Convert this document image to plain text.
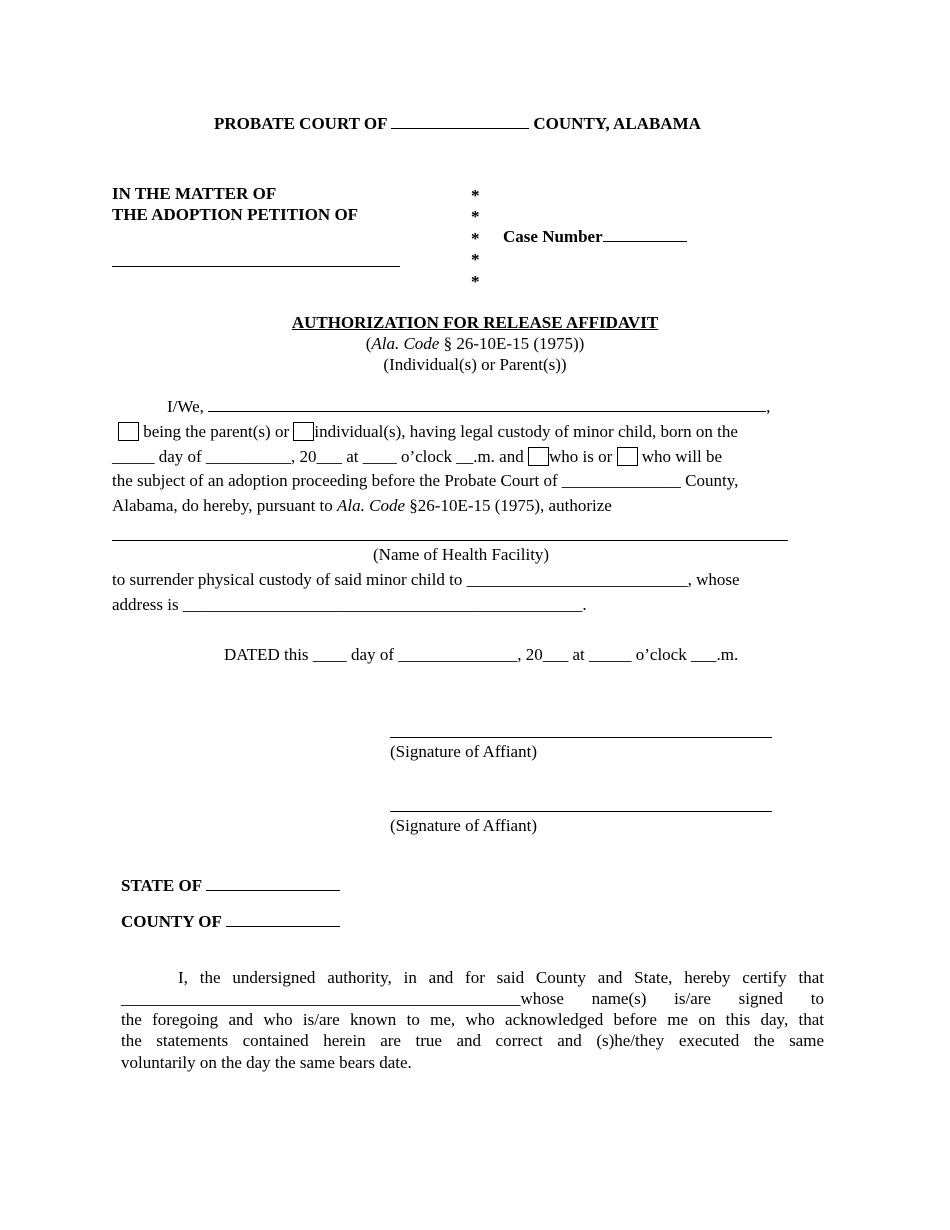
PROBATE COURT OF	COUNTY, ALABAMA
IN THE MATTER OF
THE ADOPTION PETITION OF
*
*
*
*
*
Case Number
AUTHORIZATION FOR RELEASE AFFIDAVIT
(Ala. Code § 26-10E-15 (1975))
(Individual(s) or Parent(s))
I/We,	,
being the parent(s) or individual(s), having legal custody of minor child, born on the
_____ day of __________, 20___ at ____ o’clock __.m. and who is or  who will be
the subject of an adoption proceeding before the Probate Court of ______________ County,
Alabama, do hereby, pursuant to Ala. Code §26-10E-15 (1975), authorize
(Name of Health Facility)
to surrender physical custody of said minor child to __________________________, whose
address is _______________________________________________.
DATED this ____ day of ______________, 20___ at _____ o’clock ___.m.
(Signature of Affiant)
(Signature of Affiant)
STATE OF
COUNTY OF
I, the undersigned authority, in and for said County and State, hereby certify that
_______________________________________________whose name(s) is/are signed to
the foregoing and who is/are known to me, who acknowledged before me on this day, that
the statements contained herein are true and correct and (s)he/they executed the same
voluntarily on the day the same bears date.
